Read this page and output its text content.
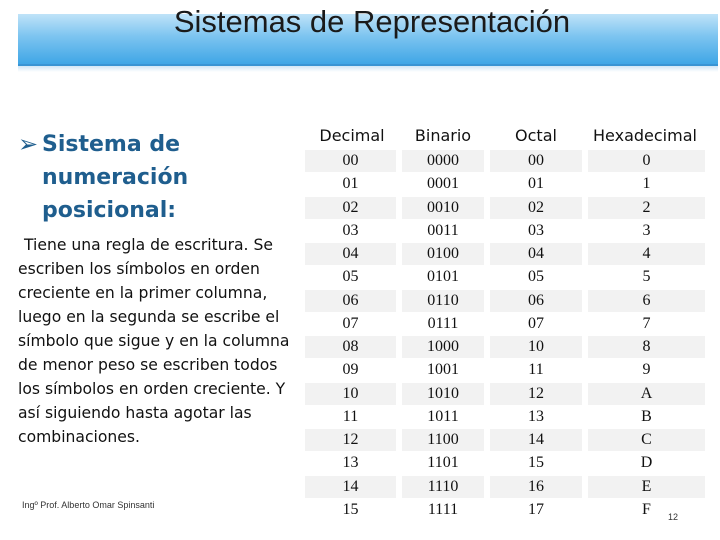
Sistemas de Representación
➢ Sistema de numeración posicional:
Tiene una regla de escritura. Se escriben los símbolos en orden creciente en la primer columna, luego en la segunda se escribe el símbolo que sigue y en la columna de menor peso se escriben todos los símbolos en orden creciente. Y así siguiendo hasta agotar las combinaciones.
Decimal	Binario	Octal	Hexadecimal
00	0000	00	0
01	0001	01	1
02	0010	02	2
03	0011	03	3
04	0100	04	4
05	0101	05	5
06	0110	06	6
07	0111	07	7
08	1000	10	8
09	1001	11	9
10	1010	12	A
11	1011	13	B
12	1100	14	C
13	1101	15	D
14	1110	16	E
15	1111	17	F
Ingº Prof. Alberto Omar Spinsanti
12
